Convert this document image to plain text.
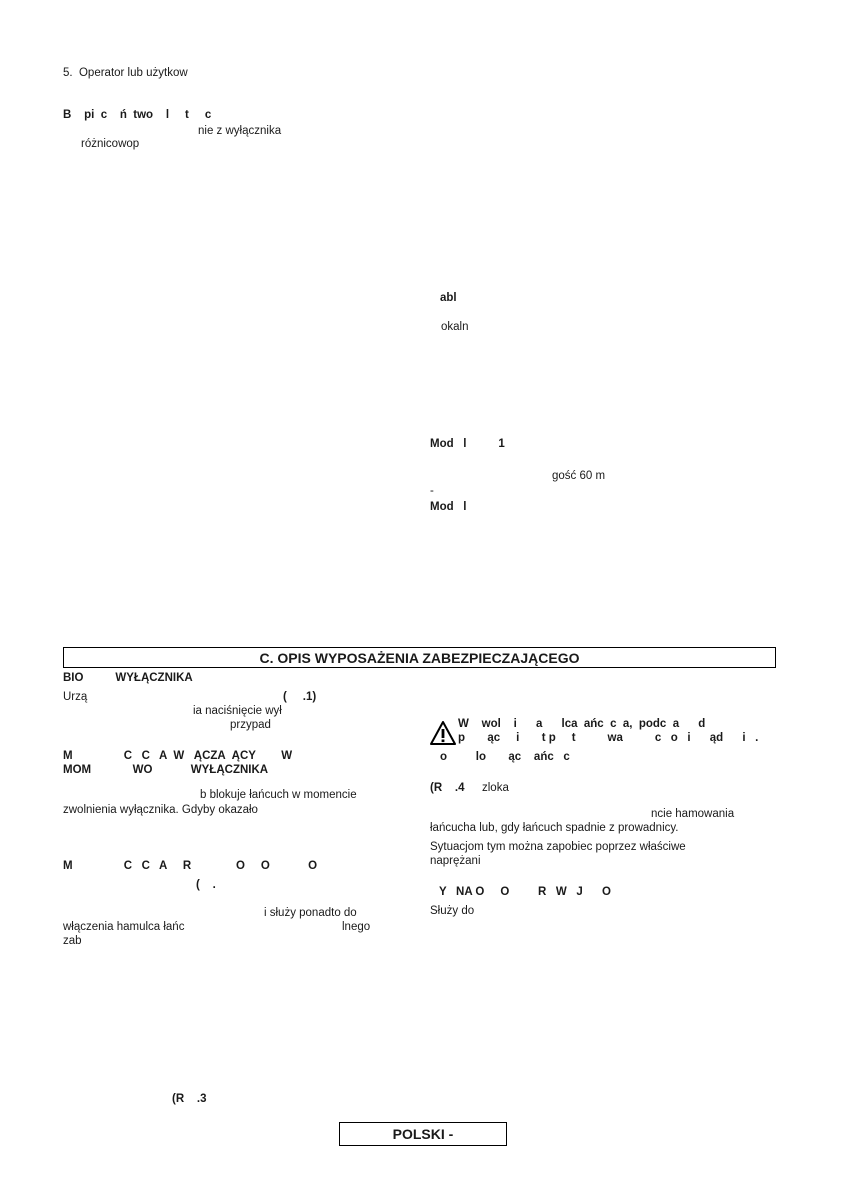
5.  Operator lub użytkow
B    pi  c    ń  two    l     t     c
nie z wyłącznika
różnicowop
abl
okaln
Mod   l          1
gość 60 m
-
Mod   l
C. OPIS WYPOSAŻENIA ZABEZPIECZAJĄCEGO
BIO          WYŁĄCZNIKA
Urzą	(     .1)
ia naciśnięcie wył
przypad
M                C   C   A  W   ĄCZA  ĄCY        W
MOM             WO            WYŁĄCZNIKA
b blokuje łańcuch w momencie
zwolnienia wyłącznika. Gdyby okazało
M                C   C   A     R              O     O            O
(    .
i służy ponadto do
włączenia hamulca łańc	lnego
zab
(R    .3
W    wol    i      a      lca  ańc  c  a,  podc  a      d
p       ąc     i       t p     t          wa          c   o   i      ąd      i   .
o         lo       ąc    ańc   c
(R    .4 zloka
ncie hamowania
łańcucha lub, gdy łańcuch spadnie z prowadnicy.
Sytuacjom tym można zapobiec poprzez właściwe
naprężani
Y   NA O     O         R   W   J      O
Służy do
POLSKI -
